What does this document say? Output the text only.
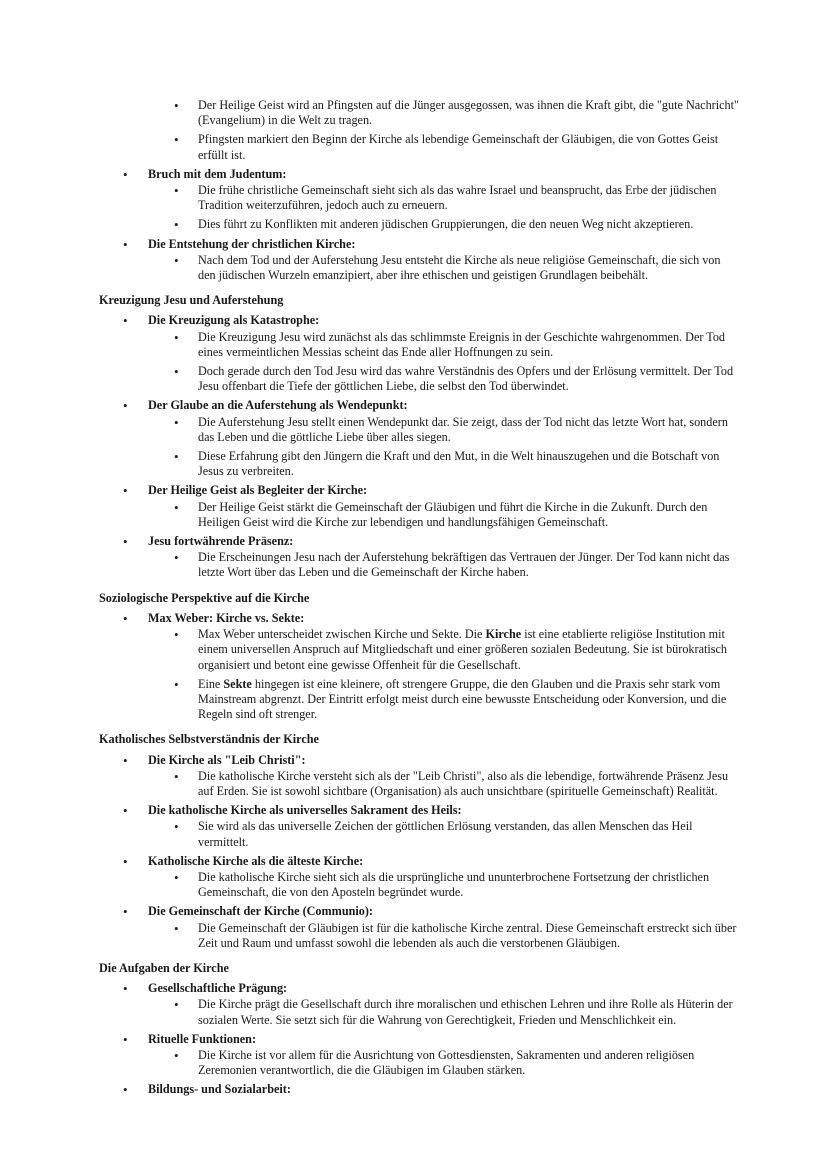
• Der Heilige Geist wird an Pfingsten auf die Jünger ausgegossen, was ihnen die Kraft gibt, die "gute Nachricht" (Evangelium) in die Welt zu tragen.
• Pfingsten markiert den Beginn der Kirche als lebendige Gemeinschaft der Gläubigen, die von Gottes Geist erfüllt ist.
• Bruch mit dem Judentum:
• Die frühe christliche Gemeinschaft sieht sich als das wahre Israel und beansprucht, das Erbe der jüdischen Tradition weiterzuführen, jedoch auch zu erneuern.
• Dies führt zu Konflikten mit anderen jüdischen Gruppierungen, die den neuen Weg nicht akzeptieren.
• Die Entstehung der christlichen Kirche:
• Nach dem Tod und der Auferstehung Jesu entsteht die Kirche als neue religiöse Gemeinschaft, die sich von den jüdischen Wurzeln emanzipiert, aber ihre ethischen und geistigen Grundlagen beibehält.
Kreuzigung Jesu und Auferstehung
• Die Kreuzigung als Katastrophe:
• Die Kreuzigung Jesu wird zunächst als das schlimmste Ereignis in der Geschichte wahrgenommen. Der Tod eines vermeintlichen Messias scheint das Ende aller Hoffnungen zu sein.
• Doch gerade durch den Tod Jesu wird das wahre Verständnis des Opfers und der Erlösung vermittelt. Der Tod Jesu offenbart die Tiefe der göttlichen Liebe, die selbst den Tod überwindet.
• Der Glaube an die Auferstehung als Wendepunkt:
• Die Auferstehung Jesu stellt einen Wendepunkt dar. Sie zeigt, dass der Tod nicht das letzte Wort hat, sondern das Leben und die göttliche Liebe über alles siegen.
• Diese Erfahrung gibt den Jüngern die Kraft und den Mut, in die Welt hinauszugehen und die Botschaft von Jesus zu verbreiten.
• Der Heilige Geist als Begleiter der Kirche:
• Der Heilige Geist stärkt die Gemeinschaft der Gläubigen und führt die Kirche in die Zukunft. Durch den Heiligen Geist wird die Kirche zur lebendigen und handlungsfähigen Gemeinschaft.
• Jesu fortwährende Präsenz:
• Die Erscheinungen Jesu nach der Auferstehung bekräftigen das Vertrauen der Jünger. Der Tod kann nicht das letzte Wort über das Leben und die Gemeinschaft der Kirche haben.
Soziologische Perspektive auf die Kirche
• Max Weber: Kirche vs. Sekte:
• Max Weber unterscheidet zwischen Kirche und Sekte. Die Kirche ist eine etablierte religiöse Institution mit einem universellen Anspruch auf Mitgliedschaft und einer größeren sozialen Bedeutung. Sie ist bürokratisch organisiert und betont eine gewisse Offenheit für die Gesellschaft.
• Eine Sekte hingegen ist eine kleinere, oft strengere Gruppe, die den Glauben und die Praxis sehr stark vom Mainstream abgrenzt. Der Eintritt erfolgt meist durch eine bewusste Entscheidung oder Konversion, und die Regeln sind oft strenger.
Katholisches Selbstverständnis der Kirche
• Die Kirche als "Leib Christi":
• Die katholische Kirche versteht sich als der "Leib Christi", also als die lebendige, fortwährende Präsenz Jesu auf Erden. Sie ist sowohl sichtbare (Organisation) als auch unsichtbare (spirituelle Gemeinschaft) Realität.
• Die katholische Kirche als universelles Sakrament des Heils:
• Sie wird als das universelle Zeichen der göttlichen Erlösung verstanden, das allen Menschen das Heil vermittelt.
• Katholische Kirche als die älteste Kirche:
• Die katholische Kirche sieht sich als die ursprüngliche und ununterbrochene Fortsetzung der christlichen Gemeinschaft, die von den Aposteln begründet wurde.
• Die Gemeinschaft der Kirche (Communio):
• Die Gemeinschaft der Gläubigen ist für die katholische Kirche zentral. Diese Gemeinschaft erstreckt sich über Zeit und Raum und umfasst sowohl die lebenden als auch die verstorbenen Gläubigen.
Die Aufgaben der Kirche
• Gesellschaftliche Prägung:
• Die Kirche prägt die Gesellschaft durch ihre moralischen und ethischen Lehren und ihre Rolle als Hüterin der sozialen Werte. Sie setzt sich für die Wahrung von Gerechtigkeit, Frieden und Menschlichkeit ein.
• Rituelle Funktionen:
• Die Kirche ist vor allem für die Ausrichtung von Gottesdiensten, Sakramenten und anderen religiösen Zeremonien verantwortlich, die die Gläubigen im Glauben stärken.
• Bildungs- und Sozialarbeit:
